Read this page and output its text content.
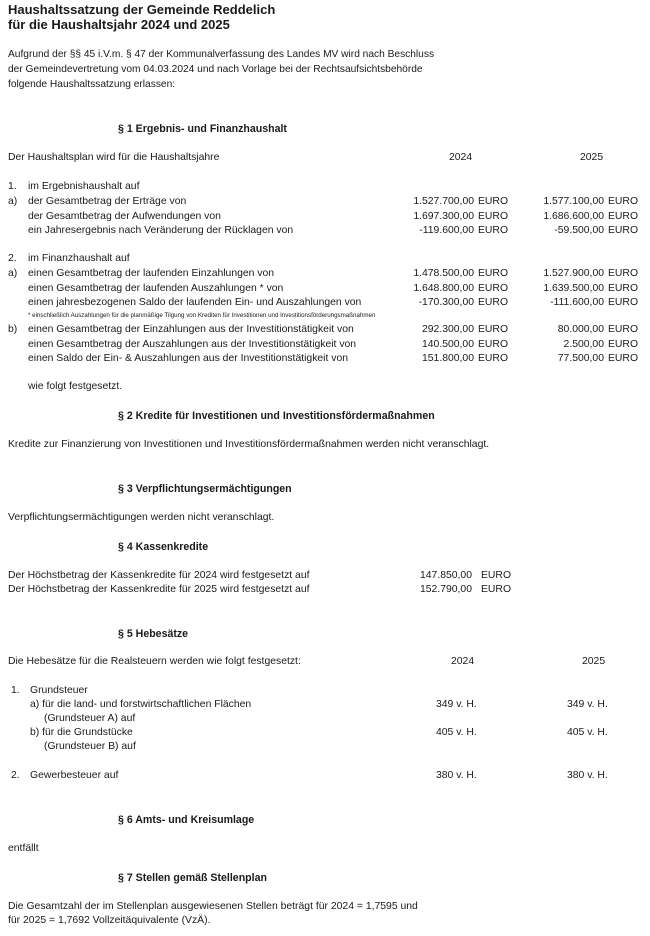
Haushaltssatzung der Gemeinde Reddelich
für die Haushaltsjahr 2024 und 2025
Aufgrund der §§ 45 i.V.m. § 47 der Kommunalverfassung des Landes MV wird nach Beschluss
der Gemeindevertretung vom 04.03.2024 und nach Vorlage bei der Rechtsaufsichtsbehörde
folgende Haushaltssatzung erlassen:
§ 1 Ergebnis- und Finanzhaushalt
Der Haushaltsplan wird für die Haushaltsjahre	2024	2025
1. im Ergebnishaushalt auf
a)	der Gesamtbetrag der Erträge von	1.527.700,00 EURO	1.577.100,00 EURO
der Gesamtbetrag der Aufwendungen von	1.697.300,00 EURO	1.686.600,00 EURO
ein Jahresergebnis nach Veränderung der Rücklagen von	-119.600,00 EURO	-59.500,00 EURO
2. im Finanzhaushalt auf
a)	einen Gesamtbetrag der laufenden Einzahlungen von	1.478.500,00 EURO	1.527.900,00 EURO
einen Gesamtbetrag der laufenden Auszahlungen * von	1.648.800,00 EURO	1.639.500,00 EURO
einen jahresbezogenen Saldo der laufenden Ein- und Auszahlungen von	-170.300,00 EURO	-111.600,00 EURO
* einschließlich Auszahlungen für die planmäßige Tilgung von Krediten für Investitionen und Investitionsförderungsmaßnahmen
b)	einen Gesamtbetrag der Einzahlungen aus der Investitionstätigkeit von	292.300,00 EURO	80.000,00 EURO
einen Gesamtbetrag der Auszahlungen aus der Investitionstätigkeit von	140.500,00 EURO	2.500,00 EURO
einen Saldo der Ein- & Auszahlungen aus der Investitionstätigkeit von	151.800,00 EURO	77.500,00 EURO
wie folgt festgesetzt.
§ 2 Kredite für Investitionen und Investitionsfördermaßnahmen
Kredite zur Finanzierung von Investitionen und Investitionsfördermaßnahmen werden nicht veranschlagt.
§ 3 Verpflichtungsermächtigungen
Verpflichtungsermächtigungen werden nicht veranschlagt.
§ 4 Kassenkredite
Der Höchstbetrag der Kassenkredite für 2024 wird festgesetzt auf	147.850,00 EURO
Der Höchstbetrag der Kassenkredite für 2025 wird festgesetzt auf	152.790,00 EURO
§ 5 Hebesätze
Die Hebesätze für die Realsteuern werden wie folgt festgesetzt:	2024	2025
1. Grundsteuer
a) für die land- und forstwirtschaftlichen Flächen
(Grundsteuer A) auf
349 v. H.	349 v. H.
b) für die Grundstücke
(Grundsteuer B) auf
405 v. H.	405 v. H.
2. Gewerbesteuer auf	380 v. H.	380 v. H.
§ 6 Amts- und Kreisumlage
entfällt
§ 7 Stellen gemäß Stellenplan
Die Gesamtzahl der im Stellenplan ausgewiesenen Stellen beträgt für 2024 = 1,7595 und
für 2025 = 1,7692 Vollzeitäquivalente (VzÄ).
